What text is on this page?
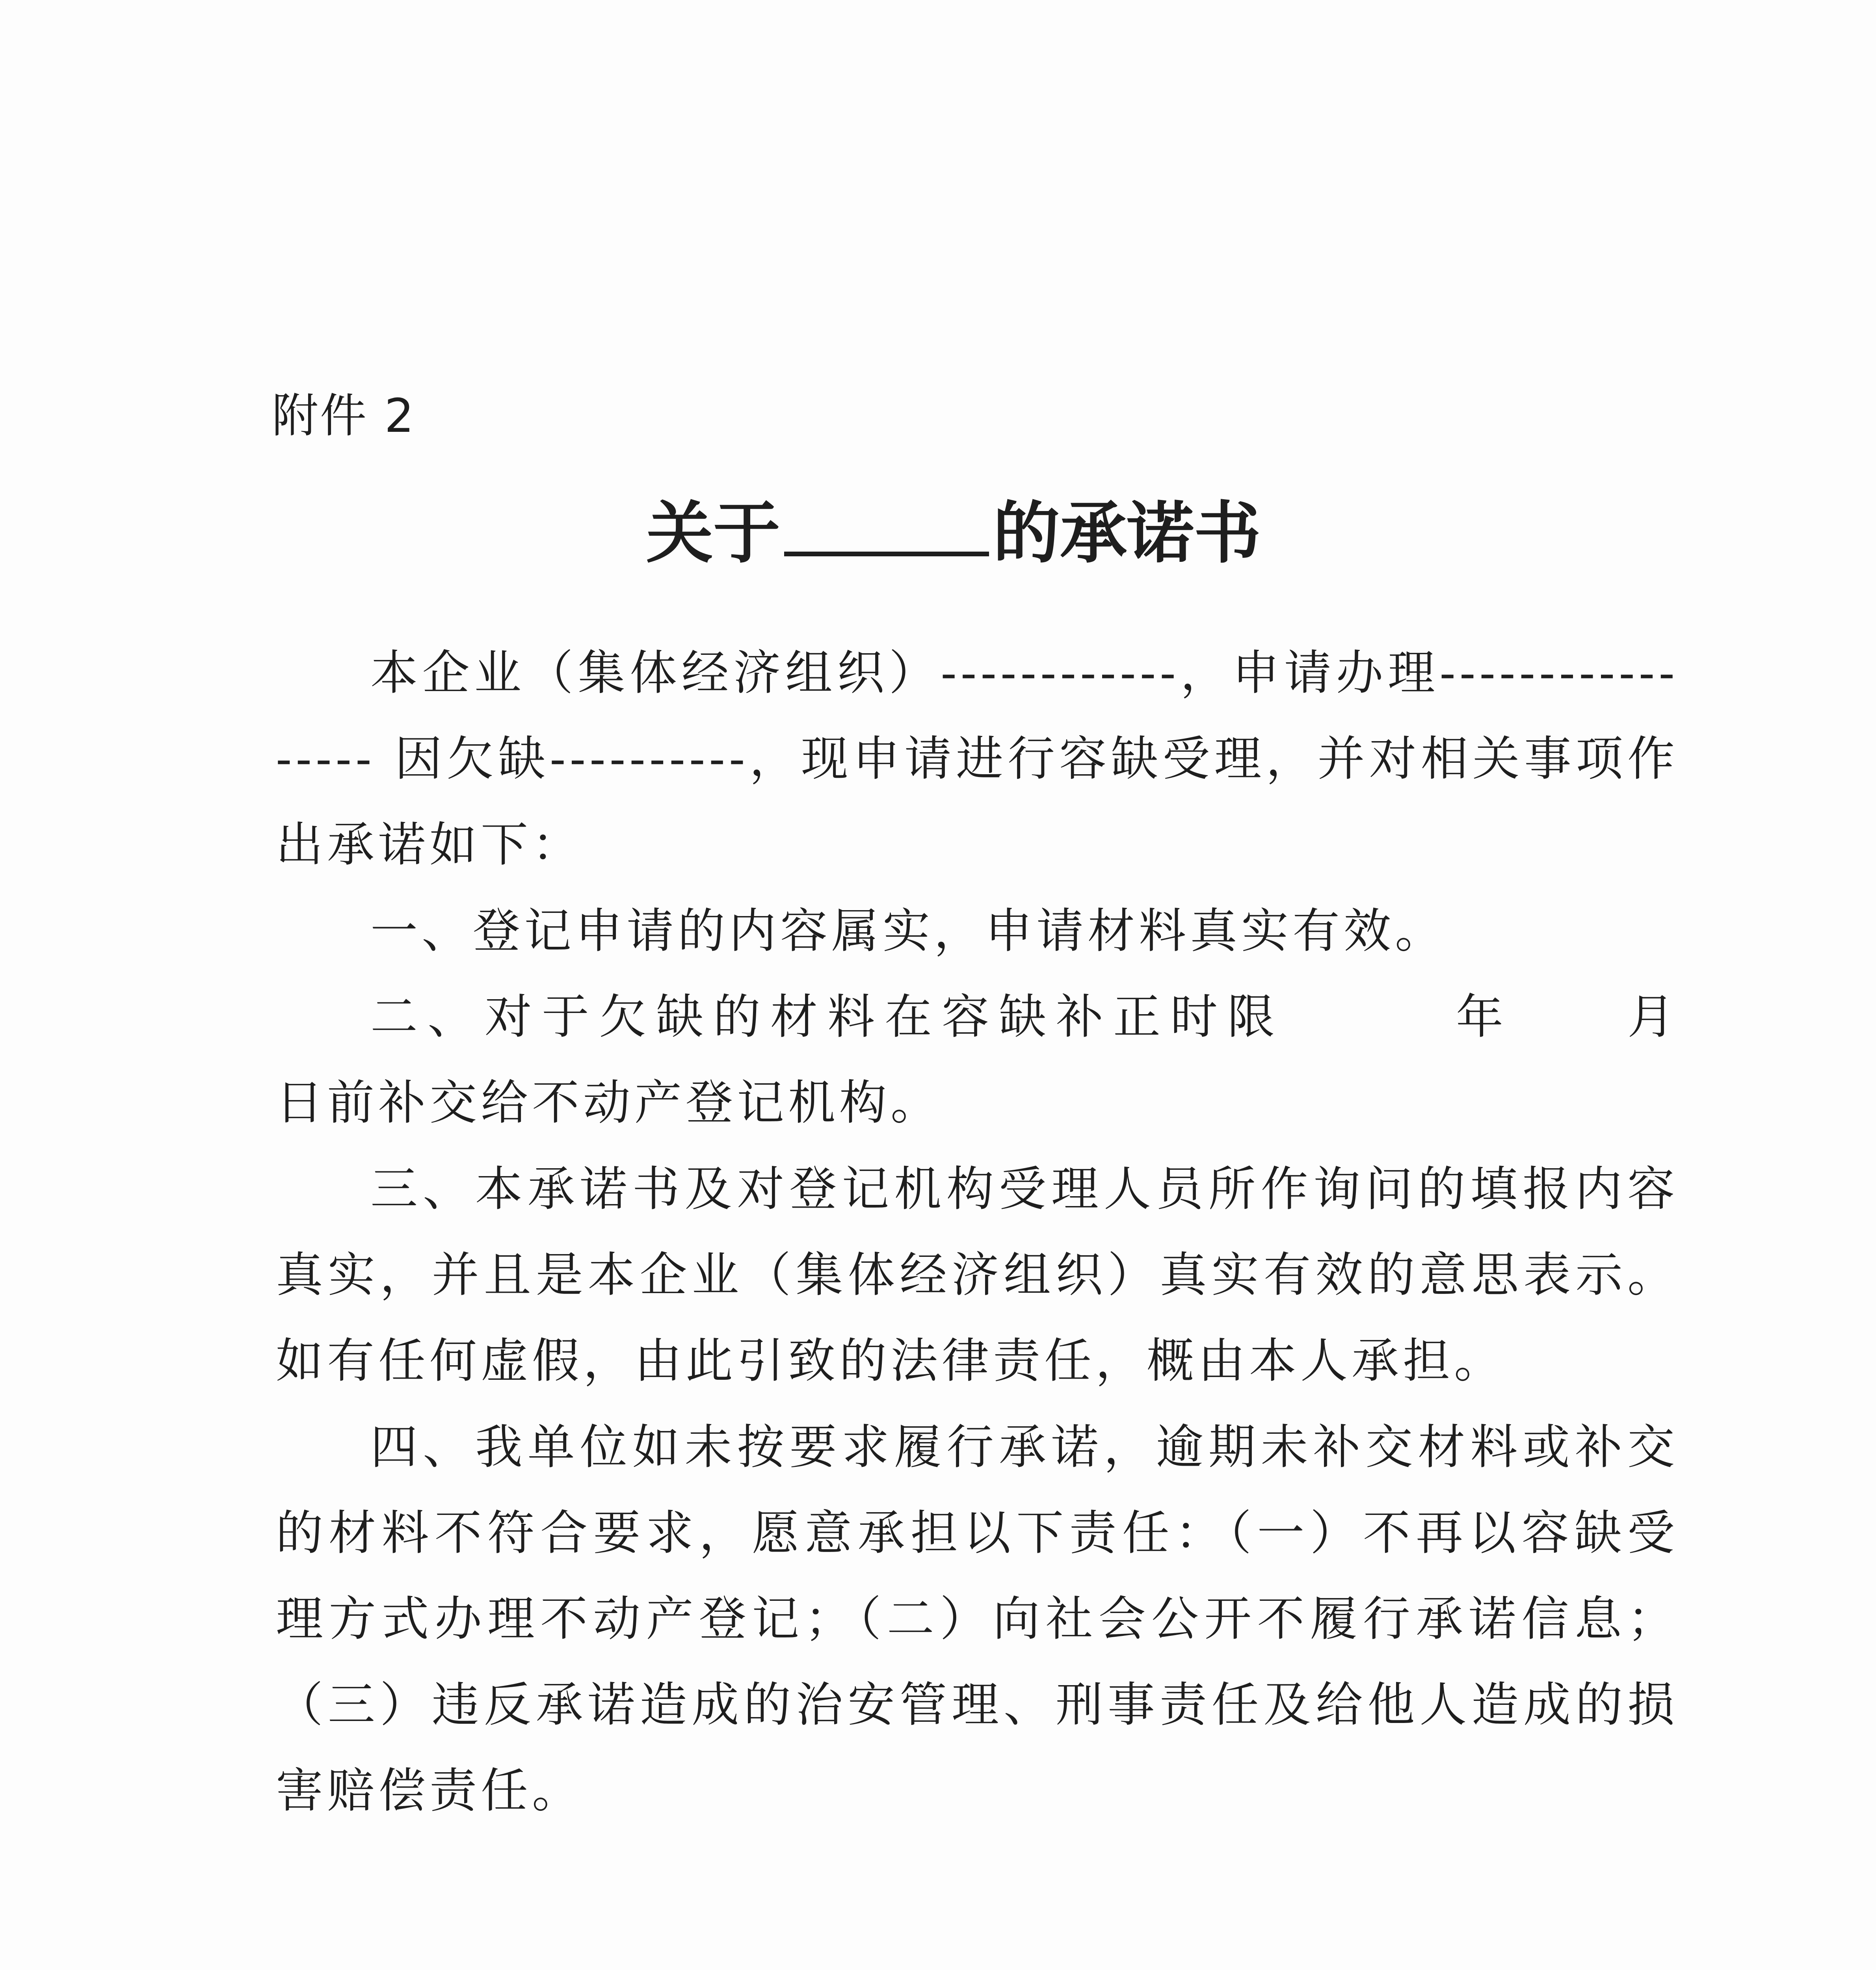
附件 2
关于	的承诺书
本企业（集体经济组织）------------，申请办理----------------- 因欠缺----------，现申请进行容缺受理，并对相关事项作出承诺如下：
一、登记申请的内容属实，申请材料真实有效。
二、对于欠缺的材料在容缺补正时限　　　年　　月　　日前补交给不动产登记机构。
三、本承诺书及对登记机构受理人员所作询问的填报内容真实，并且是本企业（集体经济组织）真实有效的意思表示。如有任何虚假，由此引致的法律责任，概由本人承担。
四、我单位如未按要求履行承诺，逾期未补交材料或补交的材料不符合要求，愿意承担以下责任：（一）不再以容缺受理方式办理不动产登记；（二）向社会公开不履行承诺信息；（三）违反承诺造成的治安管理、刑事责任及给他人造成的损害赔偿责任。
